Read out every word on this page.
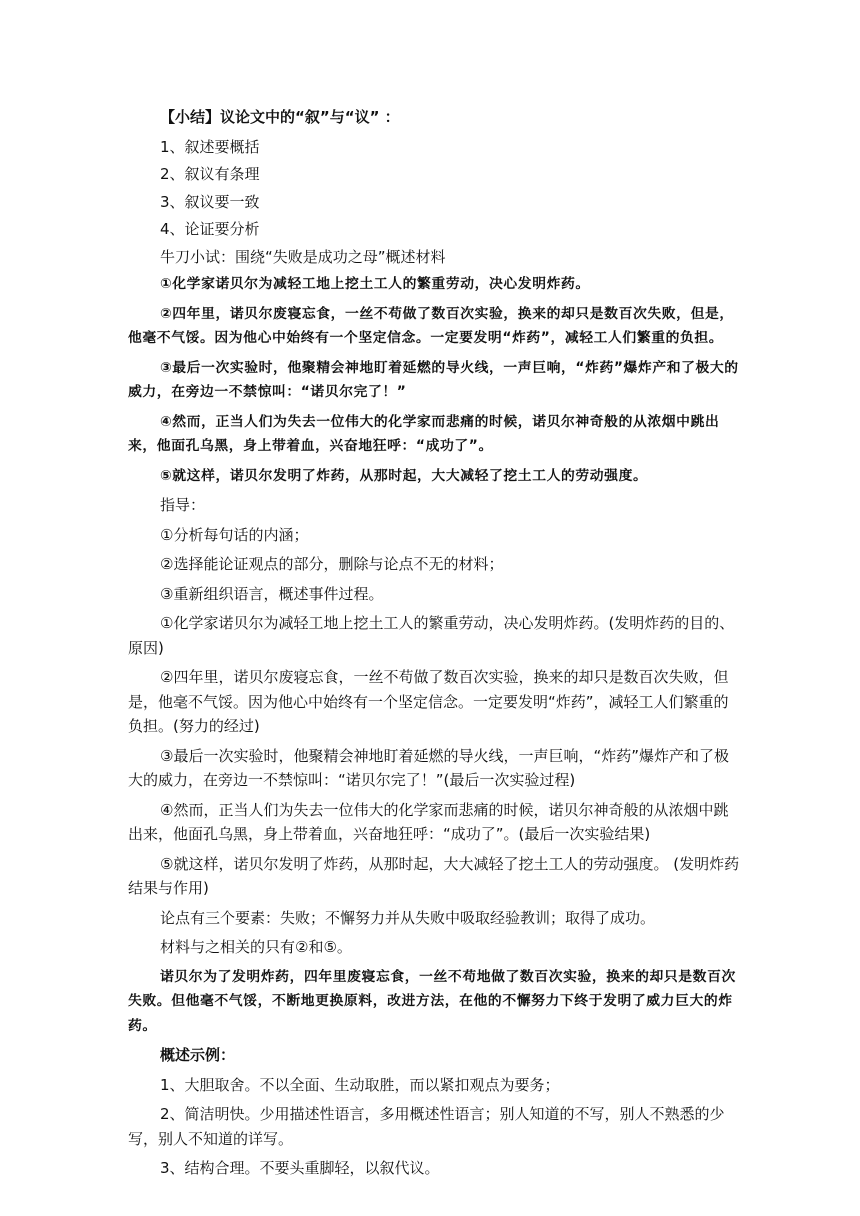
【小结】议论文中的“叙”与“议” ：

1、叙述要概括

2、叙议有条理

3、叙议要一致

4、论证要分析

牛刀小试：围绕“失败是成功之母”概述材料

①化学家诺贝尔为减轻工地上挖土工人的繁重劳动，决心发明炸药。

②四年里，诺贝尔废寝忘食，一丝不苟做了数百次实验，换来的却只是数百次失败，但是，他毫不气馁。因为他心中始终有一个坚定信念。一定要发明“炸药”，减轻工人们繁重的负担。

③最后一次实验时，他聚精会神地盯着延燃的导火线，一声巨响，“炸药”爆炸产和了极大的威力，在旁边一不禁惊叫：“诺贝尔完了！”

④然而，正当人们为失去一位伟大的化学家而悲痛的时候，诺贝尔神奇般的从浓烟中跳出来，他面孔乌黑，身上带着血，兴奋地狂呼：“成功了”。

⑤就这样，诺贝尔发明了炸药，从那时起，大大减轻了挖土工人的劳动强度。

指导：

①分析每句话的内涵；

②选择能论证观点的部分，删除与论点不无的材料；

③重新组织语言，概述事件过程。

①化学家诺贝尔为减轻工地上挖土工人的繁重劳动，决心发明炸药。(发明炸药的目的、原因)

②四年里，诺贝尔废寝忘食，一丝不苟做了数百次实验，换来的却只是数百次失败，但是，他毫不气馁。因为他心中始终有一个坚定信念。一定要发明“炸药”，减轻工人们繁重的负担。(努力的经过)

③最后一次实验时，他聚精会神地盯着延燃的导火线，一声巨响，“炸药”爆炸产和了极大的威力，在旁边一不禁惊叫：“诺贝尔完了！”(最后一次实验过程)

④然而，正当人们为失去一位伟大的化学家而悲痛的时候，诺贝尔神奇般的从浓烟中跳出来，他面孔乌黑，身上带着血，兴奋地狂呼：“成功了”。(最后一次实验结果)

⑤就这样，诺贝尔发明了炸药，从那时起，大大减轻了挖土工人的劳动强度。 (发明炸药结果与作用)

论点有三个要素：失败；不懈努力并从失败中吸取经验教训；取得了成功。

材料与之相关的只有②和⑤。

诺贝尔为了发明炸药，四年里废寝忘食，一丝不苟地做了数百次实验，换来的却只是数百次失败。但他毫不气馁，不断地更换原料，改进方法，在他的不懈努力下终于发明了威力巨大的炸药。

概述示例：

1、大胆取舍。不以全面、生动取胜，而以紧扣观点为要务；

2、简洁明快。少用描述性语言，多用概述性语言；别人知道的不写，别人不熟悉的少写，别人不知道的详写。

3、结构合理。不要头重脚轻，以叙代议。
